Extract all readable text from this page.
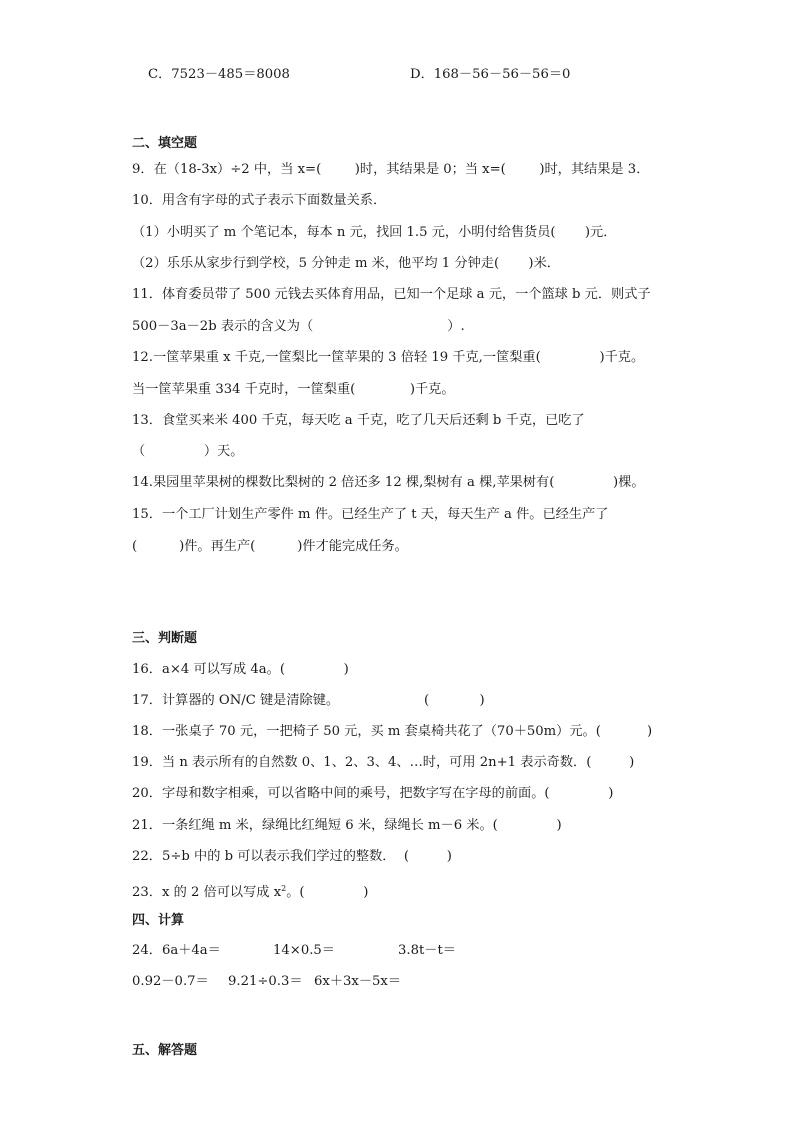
C．7523－485＝8008	D．168－56－56－56＝0
二、填空题
9．在（18-3x）÷2 中，当 x=(        )时，其结果是 0；当 x=(        )时，其结果是 3．
10．用含有字母的式子表示下面数量关系．
（1）小明买了 m 个笔记本，每本 n 元，找回 1.5 元，小明付给售货员(       )元．
（2）乐乐从家步行到学校，5 分钟走 m 米，他平均 1 分钟走(       )米．
11．体育委员带了 500 元钱去买体育用品，已知一个足球 a 元，一个篮球 b 元．则式子
500－3a－2b 表示的含义为（                                ）.
12.一筐苹果重 x 千克,一筐梨比一筐苹果的 3 倍轻 19 千克,一筐梨重(              )千克。
当一筐苹果重 334 千克时，一筐梨重(             )千克。
13．食堂买来米 400 千克，每天吃 a 千克，吃了几天后还剩 b 千克，已吃了
（              ）天。
14.果园里苹果树的棵数比梨树的 2 倍还多 12 棵,梨树有 a 棵,苹果树有(              )棵。
15．一个工厂计划生产零件 m 件。已经生产了 t 天，每天生产 a 件。已经生产了
(          )件。再生产(          )件才能完成任务。
三、判断题
16．a×4 可以写成 4a。(              )
17．计算器的 ON/C 键是清除键。	(            )
18．一张桌子 70 元，一把椅子 50 元，买 m 套桌椅共花了（70＋50m）元。(           )
19．当 n 表示所有的自然数 0、1、2、3、4、…时，可用 2n+1 表示奇数．(         )
20．字母和数字相乘，可以省略中间的乘号，把数字写在字母的前面。(              )
21．一条红绳 m 米，绿绳比红绳短 6 米，绿绳长 m－6 米。(              )
22．5÷b 中的 b 可以表示我们学过的整数．  (         )
23．x 的 2 倍可以写成 $x^2$。(              )
四、计算
24．6a＋4a＝	14×0.5＝	3.8t－t＝
0.92－0.7＝ 9.21÷0.3＝ 6x＋3x－5x＝
五、解答题
